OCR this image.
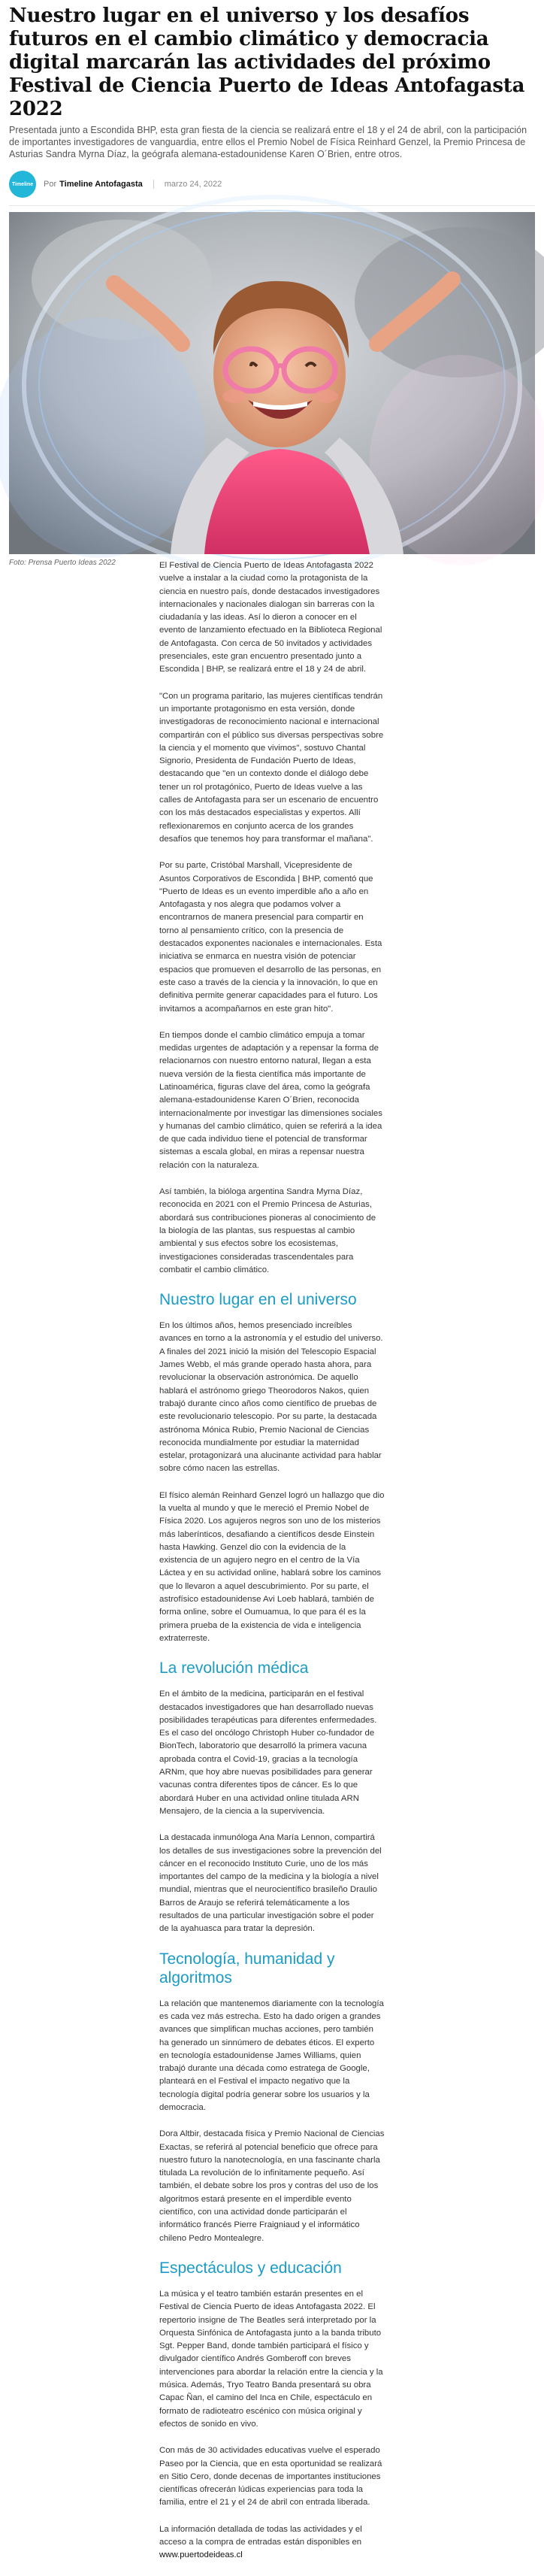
Nuestro lugar en el universo y los desafíos futuros en el cambio climático y democracia digital marcarán las actividades del próximo Festival de Ciencia Puerto de Ideas Antofagasta 2022

Presentada junto a Escondida BHP, esta gran fiesta de la ciencia se realizará entre el 18 y el 24 de abril, con la participación de importantes investigadores de vanguardia, entre ellos el Premio Nobel de Física Reinhard Genzel, la Premio Princesa de Asturias Sandra Myrna Díaz, la geógrafa alemana-estadounidense Karen O´Brien, entre otros.

Timeline Por Timeline Antofagasta	marzo 24, 2022

Foto: Prensa Puerto Ideas 2022	El Festival de Ciencia Puerto de Ideas Antofagasta 2022 vuelve a instalar a la ciudad como la protagonista de la ciencia en nuestro país, donde destacados investigadores internacionales y nacionales dialogan sin barreras con la ciudadanía y las ideas. Así lo dieron a conocer en el evento de lanzamiento efectuado en la Biblioteca Regional de Antofagasta. Con cerca de 50 invitados y actividades presenciales, este gran encuentro presentado junto a Escondida | BHP, se realizará entre el 18 y 24 de abril.

"Con un programa paritario, las mujeres científicas tendrán un importante protagonismo en esta versión, donde investigadoras de reconocimiento nacional e internacional compartirán con el público sus diversas perspectivas sobre la ciencia y el momento que vivimos", sostuvo Chantal Signorio, Presidenta de Fundación Puerto de Ideas, destacando que "en un contexto donde el diálogo debe tener un rol protagónico, Puerto de Ideas vuelve a las calles de Antofagasta para ser un escenario de encuentro con los más destacados especialistas y expertos. Allí reflexionaremos en conjunto acerca de los grandes desafíos que tenemos hoy para transformar el mañana".

Por su parte, Cristóbal Marshall, Vicepresidente de Asuntos Corporativos de Escondida | BHP, comentó que "Puerto de Ideas es un evento imperdible año a año en Antofagasta y nos alegra que podamos volver a encontrarnos de manera presencial para compartir en torno al pensamiento crítico, con la presencia de destacados exponentes nacionales e internacionales. Esta iniciativa se enmarca en nuestra visión de potenciar espacios que promueven el desarrollo de las personas, en este caso a través de la ciencia y la innovación, lo que en definitiva permite generar capacidades para el futuro. Los invitamos a acompañarnos en este gran hito".

En tiempos donde el cambio climático empuja a tomar medidas urgentes de adaptación y a repensar la forma de relacionarnos con nuestro entorno natural, llegan a esta nueva versión de la fiesta científica más importante de Latinoamérica, figuras clave del área, como la geógrafa alemana-estadounidense Karen O´Brien, reconocida internacionalmente por investigar las dimensiones sociales y humanas del cambio climático, quien se referirá a la idea de que cada individuo tiene el potencial de transformar sistemas a escala global, en miras a repensar nuestra relación con la naturaleza.

Así también, la bióloga argentina Sandra Myrna Díaz, reconocida en 2021 con el Premio Princesa de Asturias, abordará sus contribuciones pioneras al conocimiento de la biología de las plantas, sus respuestas al cambio ambiental y sus efectos sobre los ecosistemas, investigaciones consideradas trascendentales para combatir el cambio climático.

Nuestro lugar en el universo

En los últimos años, hemos presenciado increíbles avances en torno a la astronomía y el estudio del universo. A finales del 2021 inició la misión del Telescopio Espacial James Webb, el más grande operado hasta ahora, para revolucionar la observación astronómica. De aquello hablará el astrónomo griego Theorodoros Nakos, quien trabajó durante cinco años como científico de pruebas de este revolucionario telescopio. Por su parte, la destacada astrónoma Mónica Rubio, Premio Nacional de Ciencias reconocida mundialmente por estudiar la maternidad estelar, protagonizará una alucinante actividad para hablar sobre cómo nacen las estrellas.

El físico alemán Reinhard Genzel logró un hallazgo que dio la vuelta al mundo y que le mereció el Premio Nobel de Física 2020. Los agujeros negros son uno de los misterios más laberínticos, desafiando a científicos desde Einstein hasta Hawking. Genzel dio con la evidencia de la existencia de un agujero negro en el centro de la Vía Láctea y en su actividad online, hablará sobre los caminos que lo llevaron a aquel descubrimiento. Por su parte, el astrofísico estadounidense Avi Loeb hablará, también de forma online, sobre el Oumuamua, lo que para él es la primera prueba de la existencia de vida e inteligencia extraterreste.

La revolución médica

En el ámbito de la medicina, participarán en el festival destacados investigadores que han desarrollado nuevas posibilidades terapéuticas para diferentes enfermedades. Es el caso del oncólogo Christoph Huber co-fundador de BionTech, laboratorio que desarrolló la primera vacuna aprobada contra el Covid-19, gracias a la tecnología ARNm, que hoy abre nuevas posibilidades para generar vacunas contra diferentes tipos de cáncer. Es lo que abordará Huber en una actividad online titulada ARN Mensajero, de la ciencia a la supervivencia.

La destacada inmunóloga Ana María Lennon, compartirá los detalles de sus investigaciones sobre la prevención del cáncer en el reconocido Instituto Curie, uno de los más importantes del campo de la medicina y la biología a nivel mundial, mientras que el neurocientífico brasileño Draulio Barros de Araujo se referirá telemáticamente a los resultados de una particular investigación sobre el poder de la ayahuasca para tratar la depresión.

Tecnología, humanidad y algoritmos

La relación que mantenemos diariamente con la tecnología es cada vez más estrecha. Esto ha dado origen a grandes avances que simplifican muchas acciones, pero también ha generado un sinnúmero de debates éticos. El experto en tecnología estadounidense James Williams, quien trabajó durante una década como estratega de Google, planteará en el Festival el impacto negativo que la tecnología digital podría generar sobre los usuarios y la democracia.

Dora Altbir, destacada física y Premio Nacional de Ciencias Exactas, se referirá al potencial beneficio que ofrece para nuestro futuro la nanotecnología, en una fascinante charla titulada La revolución de lo infinitamente pequeño. Así también, el debate sobre los pros y contras del uso de los algoritmos estará presente en el imperdible evento científico, con una actividad donde participarán el informático francés Pierre Fraigniaud y el informático chileno Pedro Montealegre.

Espectáculos y educación

La música y el teatro también estarán presentes en el Festival de Ciencia Puerto de ideas Antofagasta 2022. El repertorio insigne de The Beatles será interpretado por la Orquesta Sinfónica de Antofagasta junto a la banda tributo Sgt. Pepper Band, donde también participará el físico y divulgador científico Andrés Gomberoff con breves intervenciones para abordar la relación entre la ciencia y la música. Además, Tryo Teatro Banda presentará su obra Capac Ñan, el camino del Inca en Chile, espectáculo en formato de radioteatro escénico con música original y efectos de sonido en vivo.

Con más de 30 actividades educativas vuelve el esperado Paseo por la Ciencia, que en esta oportunidad se realizará en Sitio Cero, donde decenas de importantes instituciones científicas ofrecerán lúdicas experiencias para toda la familia, entre el 21 y el 24 de abril con entrada liberada.

La información detallada de todas las actividades y el acceso a la compra de entradas están disponibles en www.puertodeideas.cl
